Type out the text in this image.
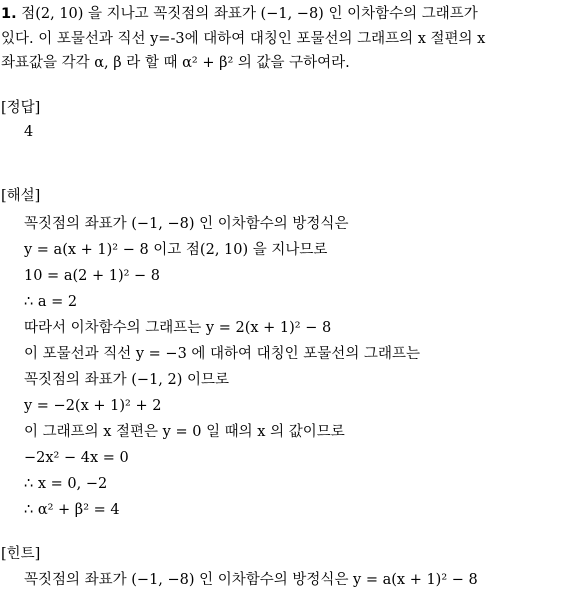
1. 점(2, 10) 을 지나고 꼭짓점의 좌표가 (−1, −8) 인 이차함수의 그래프가
있다. 이 포물선과 직선 y=-3에 대하여 대칭인 포물선의 그래프의 x 절편의 x
좌표값을 각각 α, β 라 할 때 α² + β² 의 값을 구하여라.
[정답]
4
[해설]
꼭짓점의 좌표가 (−1, −8) 인 이차함수의 방정식은
y = a(x + 1)² − 8 이고 점(2, 10) 을 지나므로
10 = a(2 + 1)² − 8
∴ a = 2
따라서 이차함수의 그래프는 y = 2(x + 1)² − 8
이 포물선과 직선 y = −3 에 대하여 대칭인 포물선의 그래프는
꼭짓점의 좌표가 (−1, 2) 이므로
y = −2(x + 1)² + 2
이 그래프의 x 절편은 y = 0 일 때의 x 의 값이므로
−2x² − 4x = 0
∴ x = 0, −2
∴ α² + β² = 4
[힌트]
꼭짓점의 좌표가 (−1, −8) 인 이차함수의 방정식은 y = a(x + 1)² − 8
